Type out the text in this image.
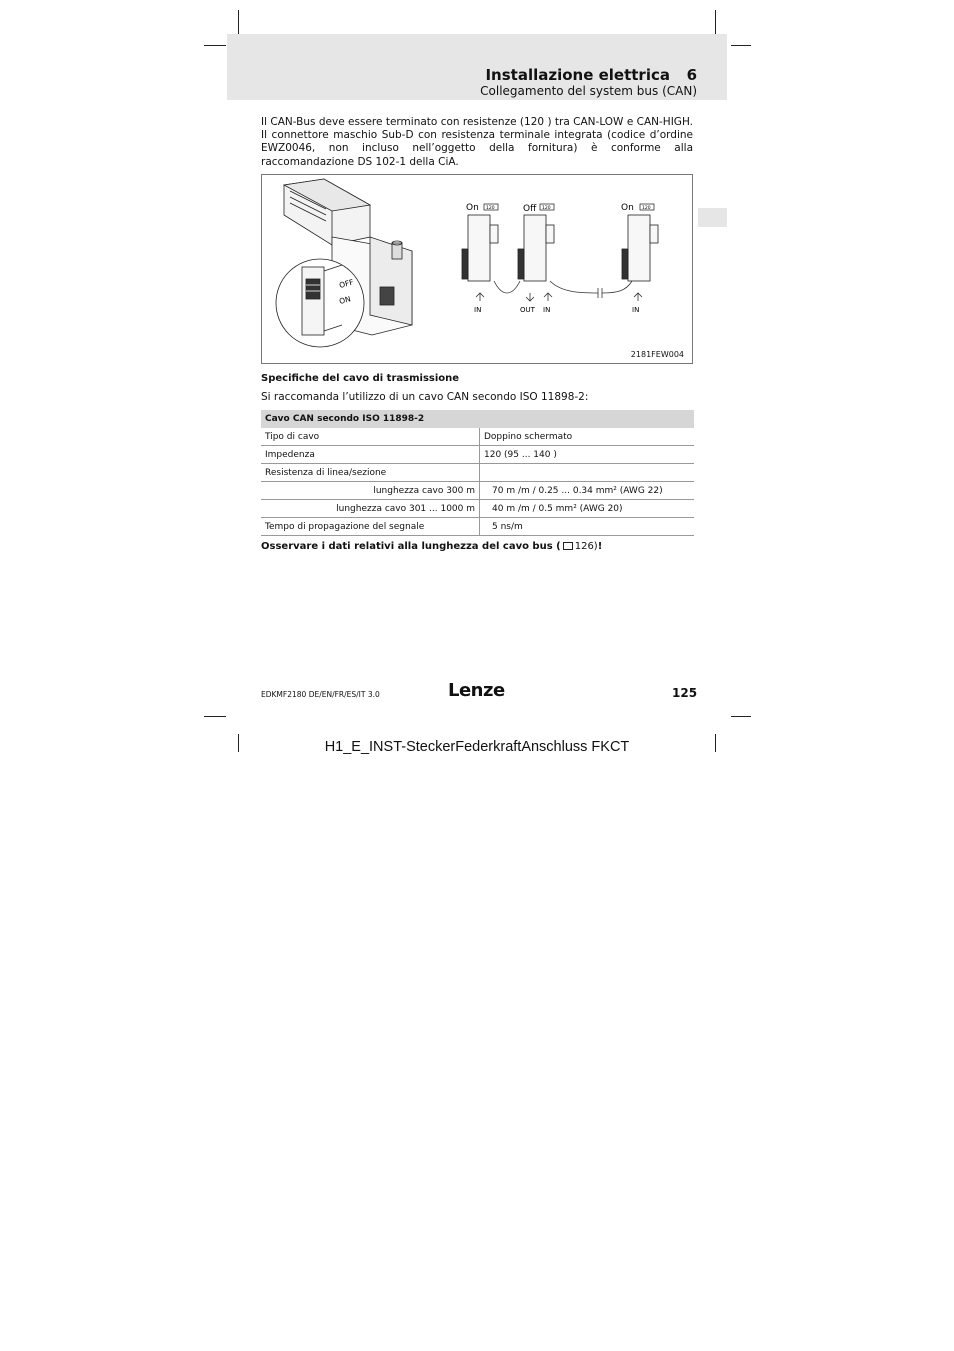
Installazione elettrica 6
Collegamento del system bus (CAN)
Il CAN-Bus deve essere terminato con resistenze (120 ) tra CAN-LOW e CAN-HIGH. Il connettore maschio Sub-D con resistenza terminale integrata (codice d’ordine EWZ0046, non incluso nell’oggetto della fornitura) è conforme alla raccomandazione DS 102-1 della CiA.
OFF
ON
On 120	Off 120	On 120
IN	OUT IN	IN
2181FEW004
Specifiche del cavo di trasmissione
Si raccomanda l’utilizzo di un cavo CAN secondo ISO 11898-2:
Cavo CAN secondo ISO 11898-2	
Tipo di cavo	Doppino schermato
Impedenza	120 (95 ... 140 )
Resistenza di linea/sezione	
lunghezza cavo 300 m	70 m /m / 0.25 ... 0.34 mm² (AWG 22)
lunghezza cavo 301 ... 1000 m	40 m /m / 0.5 mm² (AWG 20)
Tempo di propagazione del segnale	5 ns/m
Osservare i dati relativi alla lunghezza del cavo bus ( 126)!
EDKMF2180 DE/EN/FR/ES/IT 3.0	Lenze	125
H1_E_INST-SteckerFederkraftAnschluss FKCT
